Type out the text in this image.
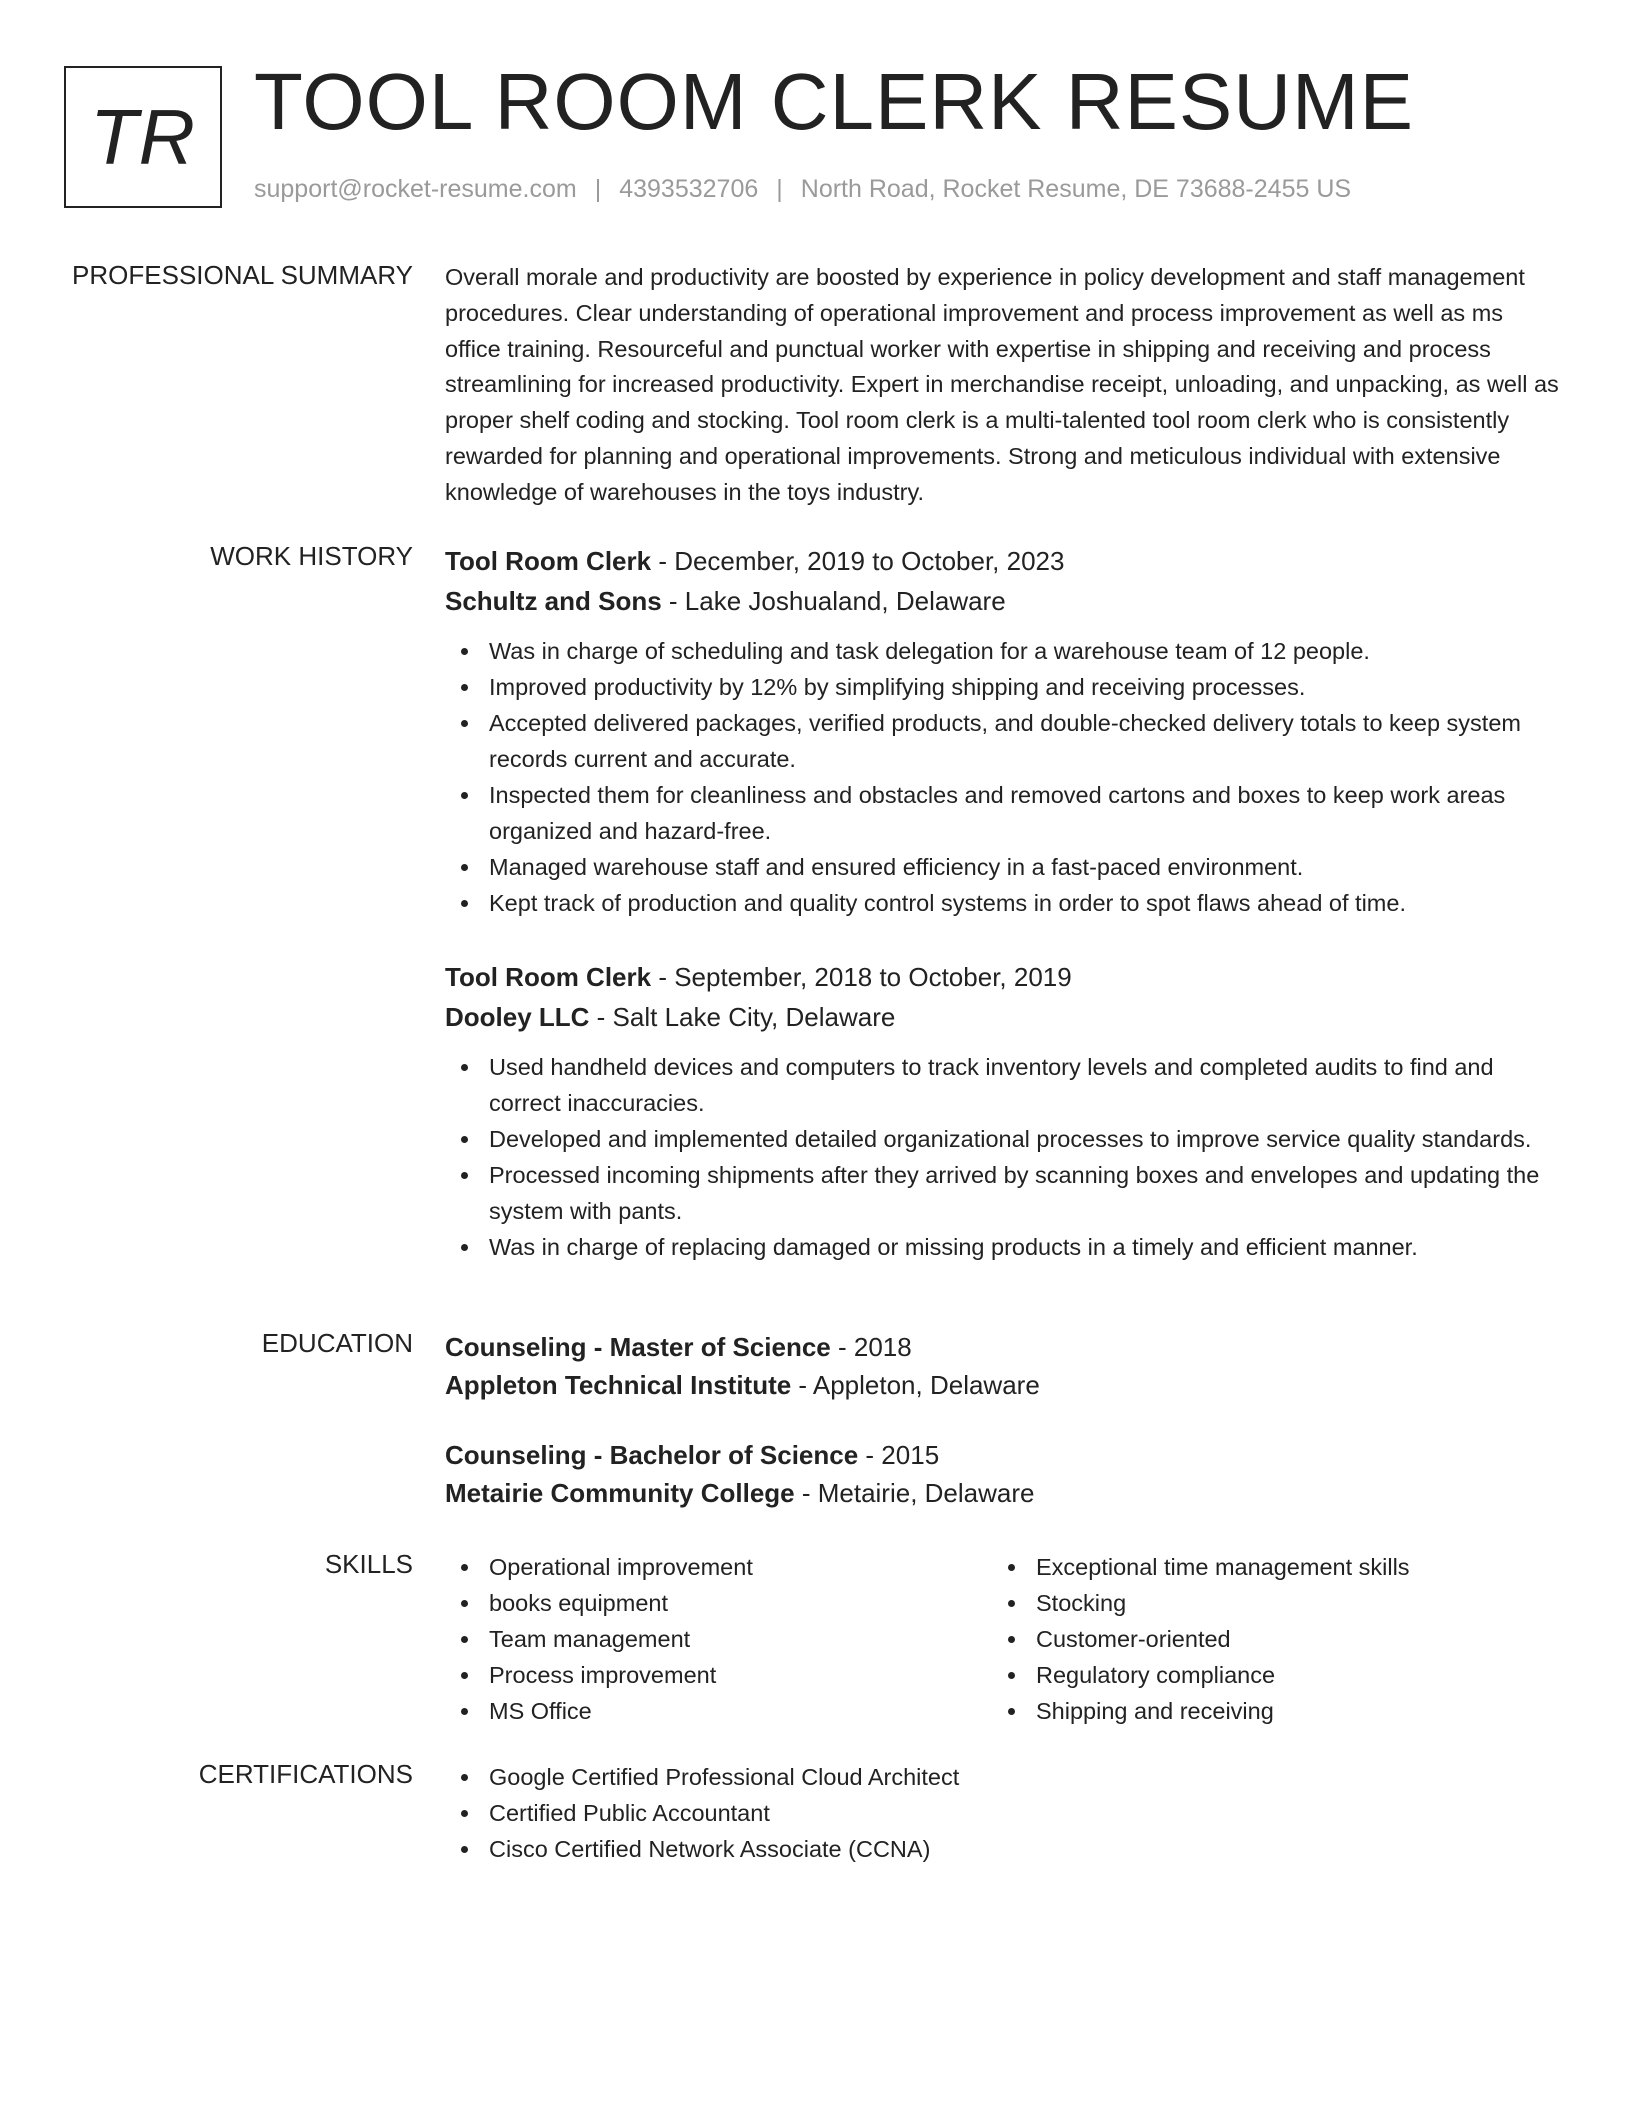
TR TOOL ROOM CLERK RESUME
support@rocket-resume.com | 4393532706 | North Road, Rocket Resume, DE 73688-2455 US
PROFESSIONAL SUMMARY Overall morale and productivity are boosted by experience in policy development and staff management procedures. Clear understanding of operational improvement and process improvement as well as ms office training. Resourceful and punctual worker with expertise in shipping and receiving and process streamlining for increased productivity. Expert in merchandise receipt, unloading, and unpacking, as well as proper shelf coding and stocking. Tool room clerk is a multi-talented tool room clerk who is consistently rewarded for planning and operational improvements. Strong and meticulous individual with extensive knowledge of warehouses in the toys industry.

WORK HISTORY Tool Room Clerk - December, 2019 to October, 2023
Schultz and Sons - Lake Joshualand, Delaware
Was in charge of scheduling and task delegation for a warehouse team of 12 people.
Improved productivity by 12% by simplifying shipping and receiving processes.
Accepted delivered packages, verified products, and double-checked delivery totals to keep system records current and accurate.
Inspected them for cleanliness and obstacles and removed cartons and boxes to keep work areas organized and hazard-free.
Managed warehouse staff and ensured efficiency in a fast-paced environment.
Kept track of production and quality control systems in order to spot flaws ahead of time.
Tool Room Clerk - September, 2018 to October, 2019
Dooley LLC - Salt Lake City, Delaware
Used handheld devices and computers to track inventory levels and completed audits to find and correct inaccuracies.
Developed and implemented detailed organizational processes to improve service quality standards.
Processed incoming shipments after they arrived by scanning boxes and envelopes and updating the system with pants.
Was in charge of replacing damaged or missing products in a timely and efficient manner.
EDUCATION Counseling - Master of Science - 2018
Appleton Technical Institute - Appleton, Delaware
Counseling - Bachelor of Science - 2015
Metairie Community College - Metairie, Delaware
SKILLS	Operational improvement
books equipment
Team management
Process improvement
MS Office
Exceptional time management skills
Stocking
Customer-oriented
Regulatory compliance
Shipping and receiving
CERTIFICATIONS	Google Certified Professional Cloud Architect
Certified Public Accountant
Cisco Certified Network Associate (CCNA)
